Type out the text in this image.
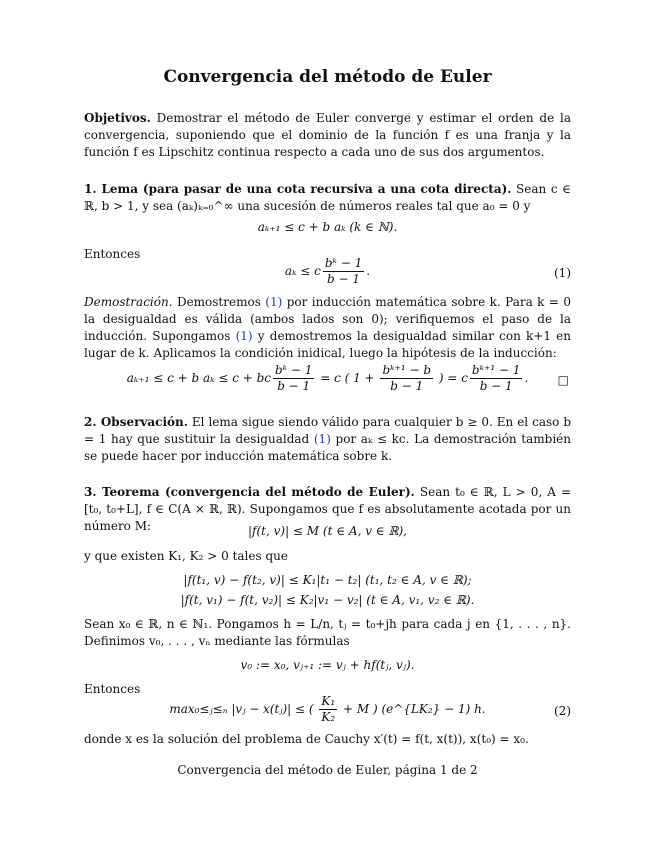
Convergencia del método de Euler
Objetivos. Demostrar el método de Euler converge y estimar el orden de la convergencia, suponiendo que el dominio de la función f es una franja y la función f es Lipschitz continua respecto a cada uno de sus dos argumentos.
1. Lema (para pasar de una cota recursiva a una cota directa). Sean c ∈ ℝ, b > 1, y sea (aₖ)ₖ₌₀^∞ una sucesión de números reales tal que a₀ = 0 y
aₖ₊₁ ≤ c + b aₖ (k ∈ ℕ).
Entonces
aₖ ≤ c $\frac{\text{bᵏ − 1}}{b - 1}$ .	(1)
Demostración. Demostremos (1) por inducción matemática sobre k. Para k = 0 la desigualdad es válida (ambos lados son 0); verifiquemos el paso de la inducción. Supongamos (1) y demostremos la desigualdad similar con k+1 en lugar de k. Aplicamos la condición inidical, luego la hipótesis de la inducción:
aₖ₊₁ ≤ c + b aₖ ≤ c + bc $\frac{\text{bᵏ − 1}}{b - 1} = c$ ( $1 + \frac{\text{bᵏ⁺¹ − b}}{b - 1}$ ) = c $\frac{\text{bᵏ⁺¹ − 1}}{b - 1}$ . □
2. Observación. El lema sigue siendo válido para cualquier b ≥ 0. En el caso b = 1 hay que sustituir la desigualdad (1) por aₖ ≤ kc. La demostración también se puede hacer por inducción matemática sobre k.
3. Teorema (convergencia del método de Euler). Sean t₀ ∈ ℝ, L > 0, A = [t₀, t₀+L], f ∈ C(A × ℝ, ℝ). Supongamos que f es absolutamente acotada por un número M:	|f(t, v)| ≤ M (t ∈ A, v ∈ ℝ),
y que existen K₁, K₂ > 0 tales que
|f(t₁, v) − f(t₂, v)| ≤ K₁|t₁ − t₂| (t₁, t₂ ∈ A, v ∈ ℝ);
|f(t, v₁) − f(t, v₂)| ≤ K₂|v₁ − v₂| (t ∈ A, v₁, v₂ ∈ ℝ).
Sean x₀ ∈ ℝ, n ∈ ℕ₁. Pongamos h = L/n, tⱼ = t₀+jh para cada j en {1, . . . , n}. Definimos v₀, . . . , vₙ mediante las fórmulas
v₀ := x₀, vⱼ₊₁ := vⱼ + hf(tⱼ, vⱼ).
Entonces
max₀≤ⱼ≤ₙ |vⱼ − x(tⱼ)| ≤ ( $\frac{\text{K₁}}{\text{K₂}} + M$ ) (e^{LK₂} − 1) h.	(2)
donde x es la solución del problema de Cauchy x′(t) = f(t, x(t)), x(t₀) = x₀.
Convergencia del método de Euler, página 1 de 2
